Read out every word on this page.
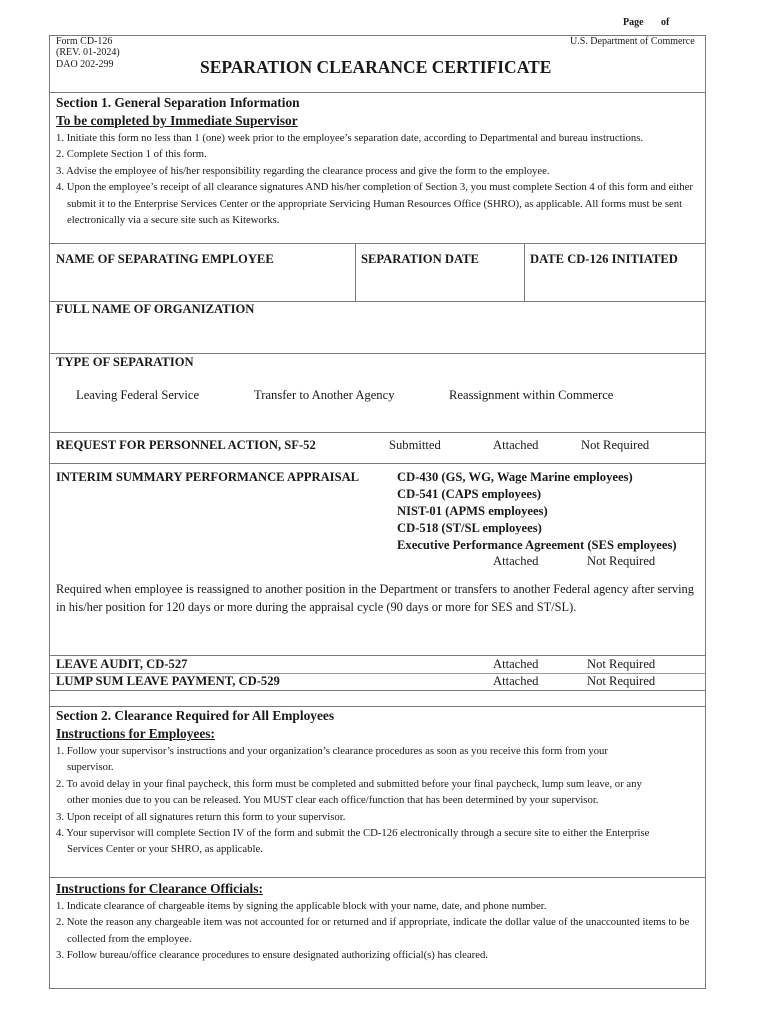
Page of
Form CD-126
(REV. 01-2024)
DAO 202-299
U.S. Department of Commerce
SEPARATION CLEARANCE CERTIFICATE
Section 1. General Separation Information
To be completed by Immediate Supervisor
1. Initiate this form no less than 1 (one) week prior to the employee’s separation date, according to Departmental and bureau instructions.
2. Complete Section 1 of this form.
3. Advise the employee of his/her responsibility regarding the clearance process and give the form to the employee.
4. Upon the employee’s receipt of all clearance signatures AND his/her completion of Section 3, you must complete Section 4 of this form and either submit it to the Enterprise Services Center or the appropriate Servicing Human Resources Office (SHRO), as applicable. All forms must be sent electronically via a secure site such as Kiteworks.
NAME OF SEPARATING EMPLOYEE	SEPARATION DATE	DATE CD-126 INITIATED
FULL NAME OF ORGANIZATION
TYPE OF SEPARATION
Leaving Federal Service	Transfer to Another Agency	Reassignment within Commerce
REQUEST FOR PERSONNEL ACTION, SF-52	Submitted	Attached	Not Required
INTERIM SUMMARY PERFORMANCE APPRAISAL	CD-430 (GS, WG, Wage Marine employees)
CD-541 (CAPS employees)
NIST-01 (APMS employees)
CD-518 (ST/SL employees)
Executive Performance Agreement (SES employees)
Attached	Not Required
Required when employee is reassigned to another position in the Department or transfers to another Federal agency after serving in his/her position for 120 days or more during the appraisal cycle (90 days or more for SES and ST/SL).
LEAVE AUDIT, CD-527	Attached	Not Required
LUMP SUM LEAVE PAYMENT, CD-529	Attached	Not Required
Section 2. Clearance Required for All Employees
Instructions for Employees:
1. Follow your supervisor’s instructions and your organization’s clearance procedures as soon as you receive this form from your supervisor.
2. To avoid delay in your final paycheck, this form must be completed and submitted before your final paycheck, lump sum leave, or any other monies due to you can be released. You MUST clear each office/function that has been determined by your supervisor.
3. Upon receipt of all signatures return this form to your supervisor.
4. Your supervisor will complete Section IV of the form and submit the CD-126 electronically through a secure site to either the Enterprise Services Center or your SHRO, as applicable.
Instructions for Clearance Officials:
1. Indicate clearance of chargeable items by signing the applicable block with your name, date, and phone number.
2. Note the reason any chargeable item was not accounted for or returned and if appropriate, indicate the dollar value of the unaccounted items to be collected from the employee.
3. Follow bureau/office clearance procedures to ensure designated authorizing official(s) has cleared.
